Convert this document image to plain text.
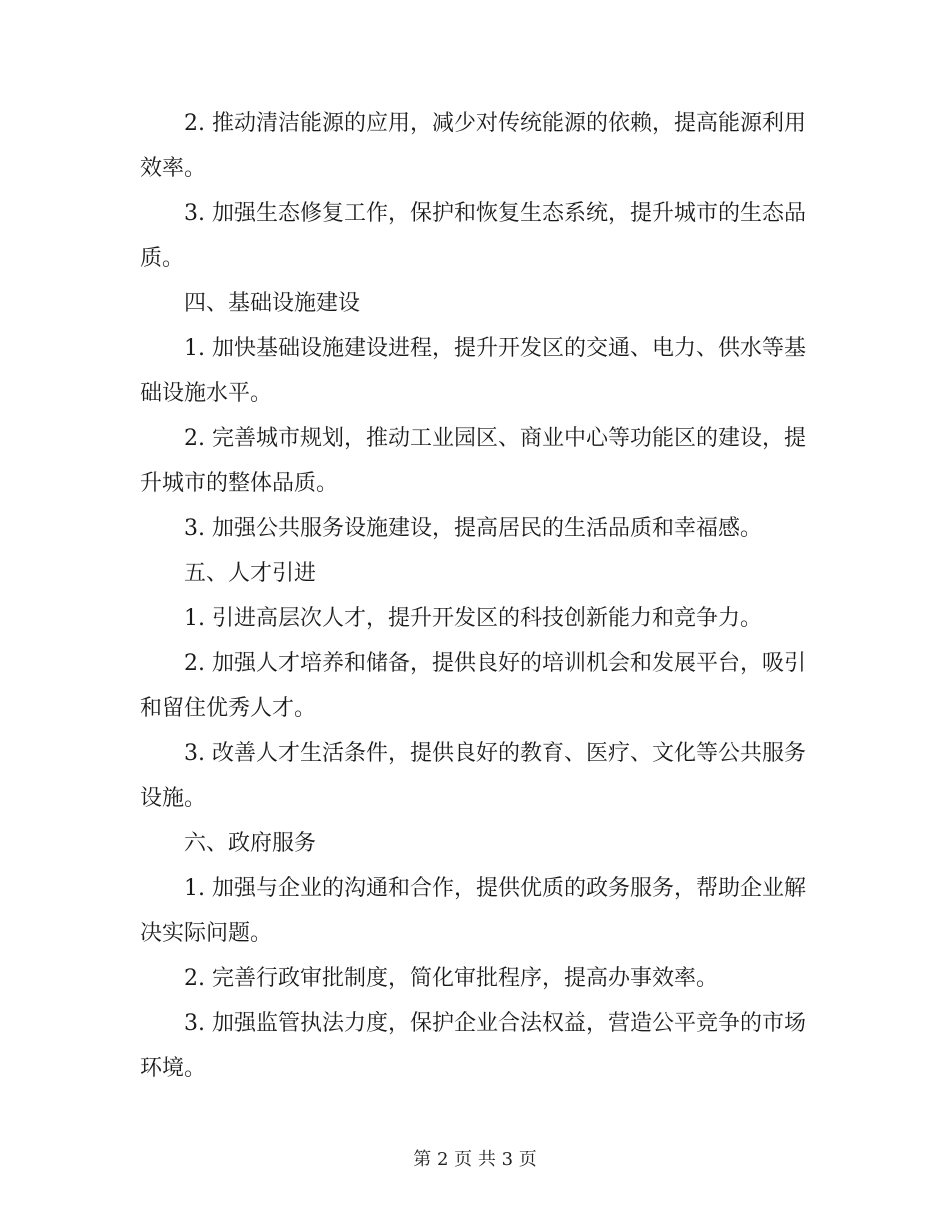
2. 推动清洁能源的应用，减少对传统能源的依赖，提高能源利用效率。

3. 加强生态修复工作，保护和恢复生态系统，提升城市的生态品质。

四、基础设施建设

1. 加快基础设施建设进程，提升开发区的交通、电力、供水等基础设施水平。

2. 完善城市规划，推动工业园区、商业中心等功能区的建设，提升城市的整体品质。

3. 加强公共服务设施建设，提高居民的生活品质和幸福感。

五、人才引进

1. 引进高层次人才，提升开发区的科技创新能力和竞争力。

2. 加强人才培养和储备，提供良好的培训机会和发展平台，吸引和留住优秀人才。

3. 改善人才生活条件，提供良好的教育、医疗、文化等公共服务设施。

六、政府服务

1. 加强与企业的沟通和合作，提供优质的政务服务，帮助企业解决实际问题。

2. 完善行政审批制度，简化审批程序，提高办事效率。

3. 加强监管执法力度，保护企业合法权益，营造公平竞争的市场环境。

第 2 页 共 3 页
